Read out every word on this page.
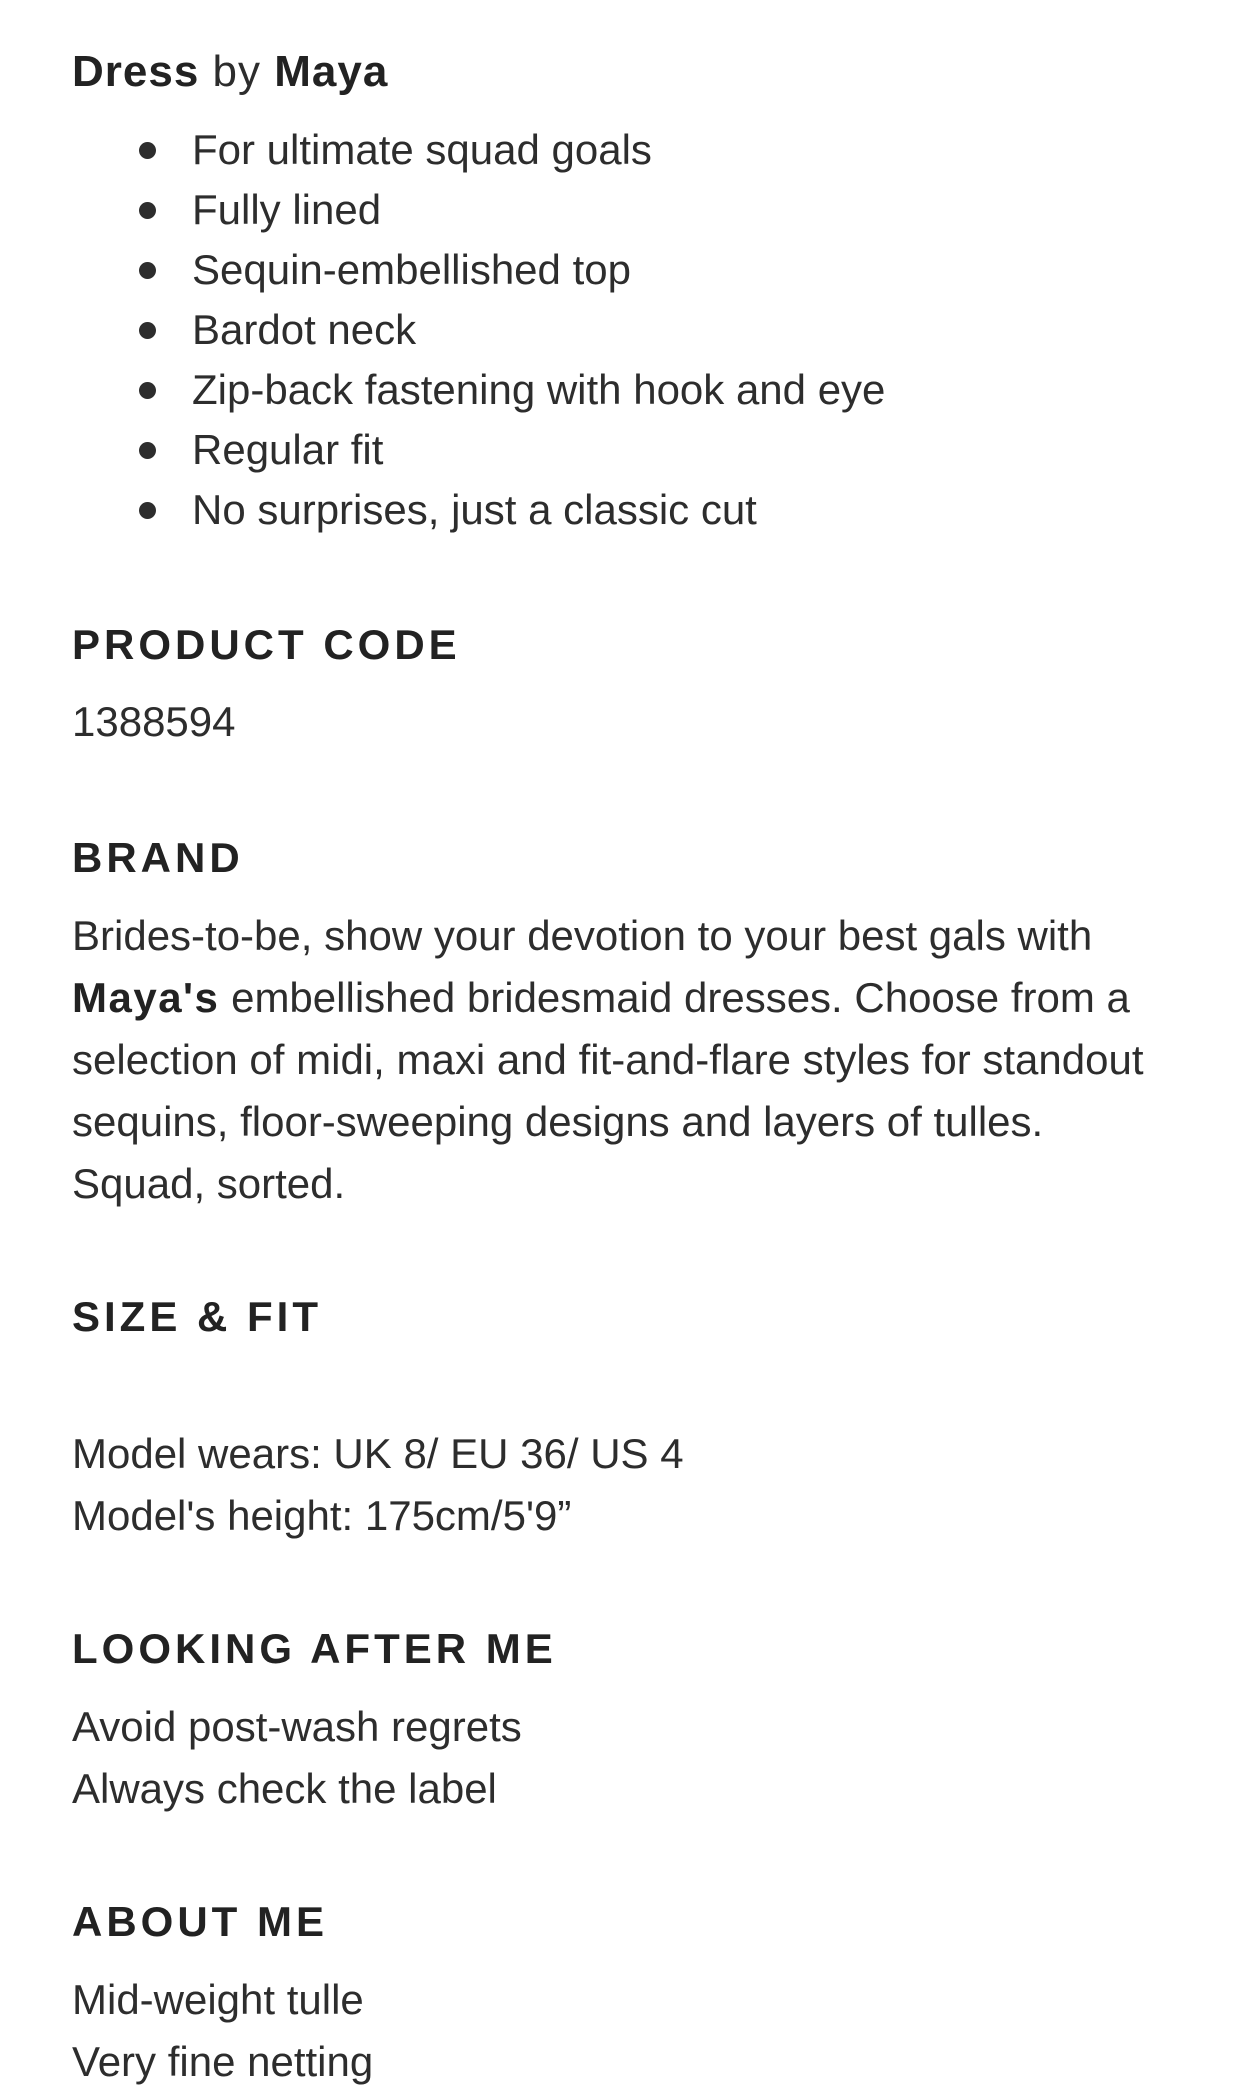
Dress by Maya
For ultimate squad goals
Fully lined
Sequin-embellished top
Bardot neck
Zip-back fastening with hook and eye
Regular fit
No surprises, just a classic cut
PRODUCT CODE
1388594
BRAND
Brides-to-be, show your devotion to your best gals with
Maya's embellished bridesmaid dresses. Choose from a
selection of midi, maxi and fit-and-flare styles for standout
sequins, floor-sweeping designs and layers of tulles.
Squad, sorted.
SIZE & FIT
Model wears: UK 8/ EU 36/ US 4
Model's height: 175cm/5'9”
LOOKING AFTER ME
Avoid post-wash regrets
Always check the label
ABOUT ME
Mid-weight tulle
Very fine netting
